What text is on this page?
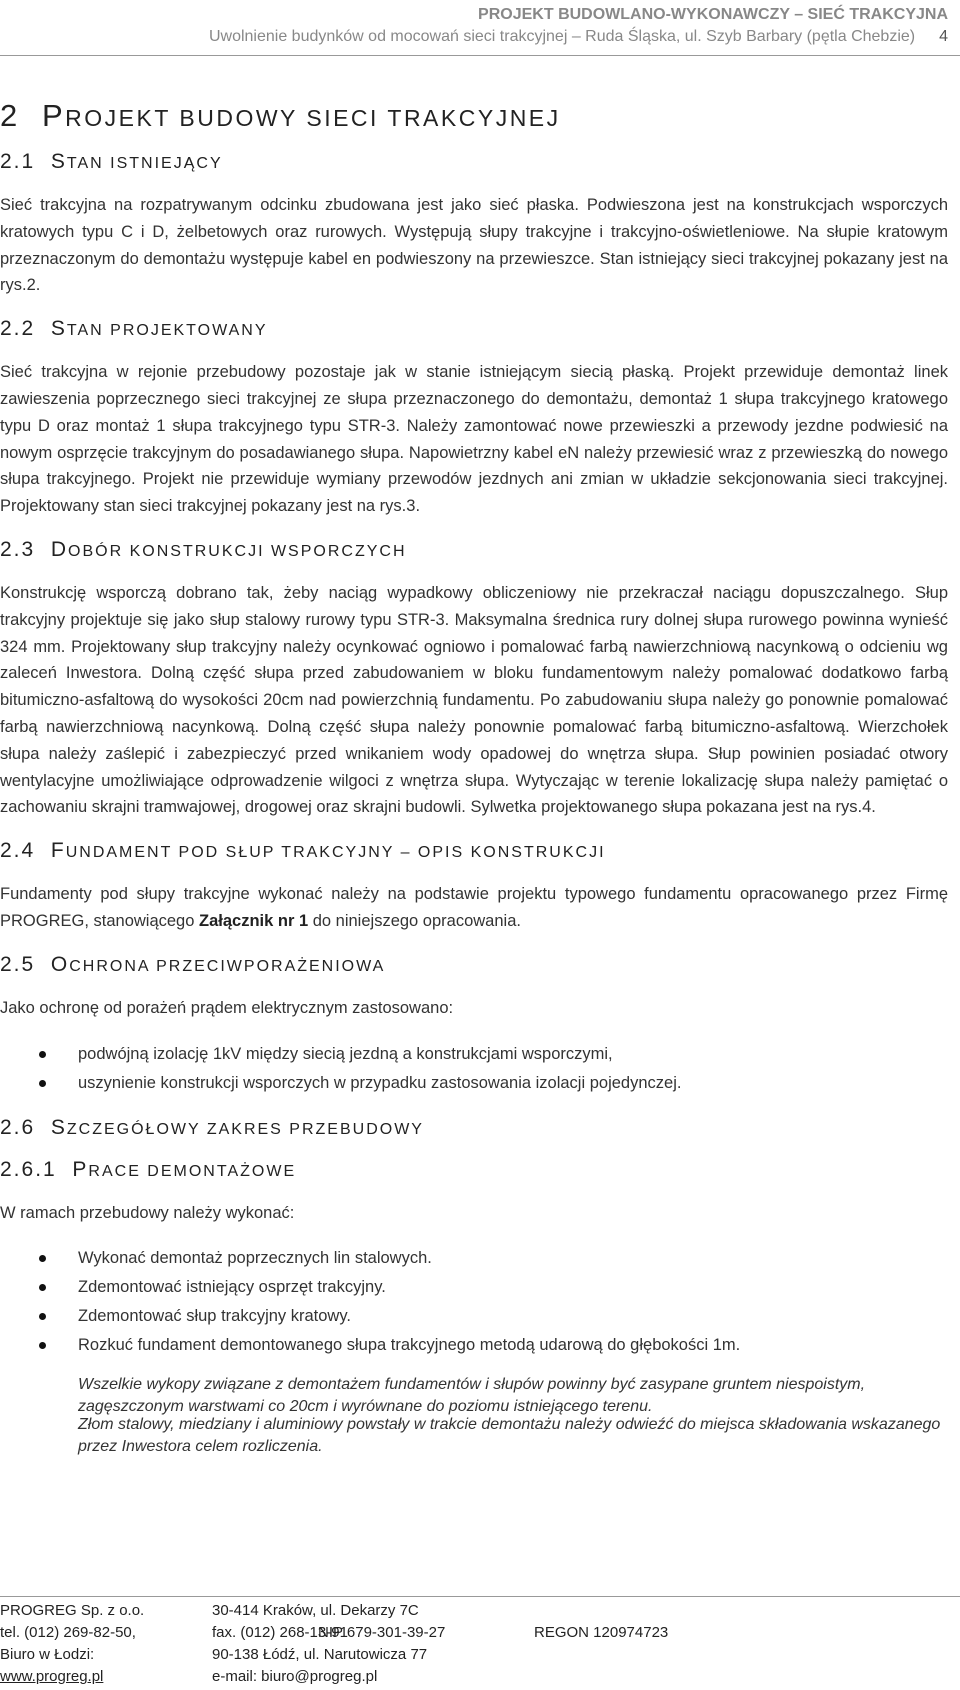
PROJEKT BUDOWLANO-WYKONAWCZY – SIEĆ TRAKCYJNA
Uwolnienie budynków od mocowań sieci trakcyjnej – Ruda Śląska, ul. Szyb Barbary (pętla Chebzie) 4
2 PROJEKT BUDOWY SIECI TRAKCYJNEJ
2.1 STAN ISTNIEJĄCY

Sieć trakcyjna na rozpatrywanym odcinku zbudowana jest jako sieć płaska. Podwieszona jest na konstrukcjach wsporczych kratowych typu C i D, żelbetowych oraz rurowych. Występują słupy trakcyjne i trakcyjno-oświetleniowe. Na słupie kratowym przeznaczonym do demontażu występuje kabel en podwieszony na przewieszce. Stan istniejący sieci trakcyjnej pokazany jest na rys.2.

2.2 STAN PROJEKTOWANY

Sieć trakcyjna w rejonie przebudowy pozostaje jak w stanie istniejącym siecią płaską. Projekt przewiduje demontaż linek zawieszenia poprzecznego sieci trakcyjnej ze słupa przeznaczonego do demontażu, demontaż 1 słupa trakcyjnego kratowego typu D oraz montaż 1 słupa trakcyjnego typu STR-3. Należy zamontować nowe przewieszki a przewody jezdne podwiesić na nowym osprzęcie trakcyjnym do posadawianego słupa. Napowietrzny kabel eN należy przewiesić wraz z przewieszką do nowego słupa trakcyjnego. Projekt nie przewiduje wymiany przewodów jezdnych ani zmian w układzie sekcjonowania sieci trakcyjnej. Projektowany stan sieci trakcyjnej pokazany jest na rys.3.

2.3 DOBÓR KONSTRUKCJI WSPORCZYCH

Konstrukcję wsporczą dobrano tak, żeby naciąg wypadkowy obliczeniowy nie przekraczał naciągu dopuszczalnego. Słup trakcyjny projektuje się jako słup stalowy rurowy typu STR-3. Maksymalna średnica rury dolnej słupa rurowego powinna wynieść 324 mm. Projektowany słup trakcyjny należy ocynkować ogniowo i pomalować farbą nawierzchniową nacynkową o odcieniu wg zaleceń Inwestora. Dolną część słupa przed zabudowaniem w bloku fundamentowym należy pomalować dodatkowo farbą bitumiczno-asfaltową do wysokości 20cm nad powierzchnią fundamentu. Po zabudowaniu słupa należy go ponownie pomalować farbą nawierzchniową nacynkową. Dolną część słupa należy ponownie pomalować farbą bitumiczno-asfaltową. Wierzchołek słupa należy zaślepić i zabezpieczyć przed wnikaniem wody opadowej do wnętrza słupa. Słup powinien posiadać otwory wentylacyjne umożliwiające odprowadzenie wilgoci z wnętrza słupa. Wytyczając w terenie lokalizację słupa należy pamiętać o zachowaniu skrajni tramwajowej, drogowej oraz skrajni budowli. Sylwetka projektowanego słupa pokazana jest na rys.4.

2.4 FUNDAMENT POD SŁUP TRAKCYJNY – OPIS KONSTRUKCJI

Fundamenty pod słupy trakcyjne wykonać należy na podstawie projektu typowego fundamentu opracowanego przez Firmę PROGREG, stanowiącego Załącznik nr 1 do niniejszego opracowania.

2.5 OCHRONA PRZECIWPORAŻENIOWA

Jako ochronę od porażeń prądem elektrycznym zastosowano:

podwójną izolację 1kV między siecią jezdną a konstrukcjami wsporczymi,
uszynienie konstrukcji wsporczych w przypadku zastosowania izolacji pojedynczej.
2.6 SZCZEGÓŁOWY ZAKRES PRZEBUDOWY
2.6.1 PRACE DEMONTAŻOWE

W ramach przebudowy należy wykonać:

Wykonać demontaż poprzecznych lin stalowych.
Zdemontować istniejący osprzęt trakcyjny.
Zdemontować słup trakcyjny kratowy.
Rozkuć fundament demontowanego słupa trakcyjnego metodą udarową do głębokości 1m.
Wszelkie wykopy związane z demontażem fundamentów i słupów powinny być zasypane gruntem niespoistym, zagęszczonym warstwami co 20cm i wyrównane do poziomu istniejącego terenu.
Złom stalowy, miedziany i aluminiowy powstały w trakcie demontażu należy odwieźć do miejsca składowania wskazanego przez Inwestora celem rozliczenia.
PROGREG Sp. z o.o.	30-414 Kraków, ul. Dekarzy 7C
tel. (012) 269-82-50,	fax. (012) 268-13-91
NIP 679-301-39-27	REGON 120974723
Biuro w Łodzi:	90-138 Łódź, ul. Narutowicza 77
www.progreg.pl	e-mail: biuro@progreg.pl
